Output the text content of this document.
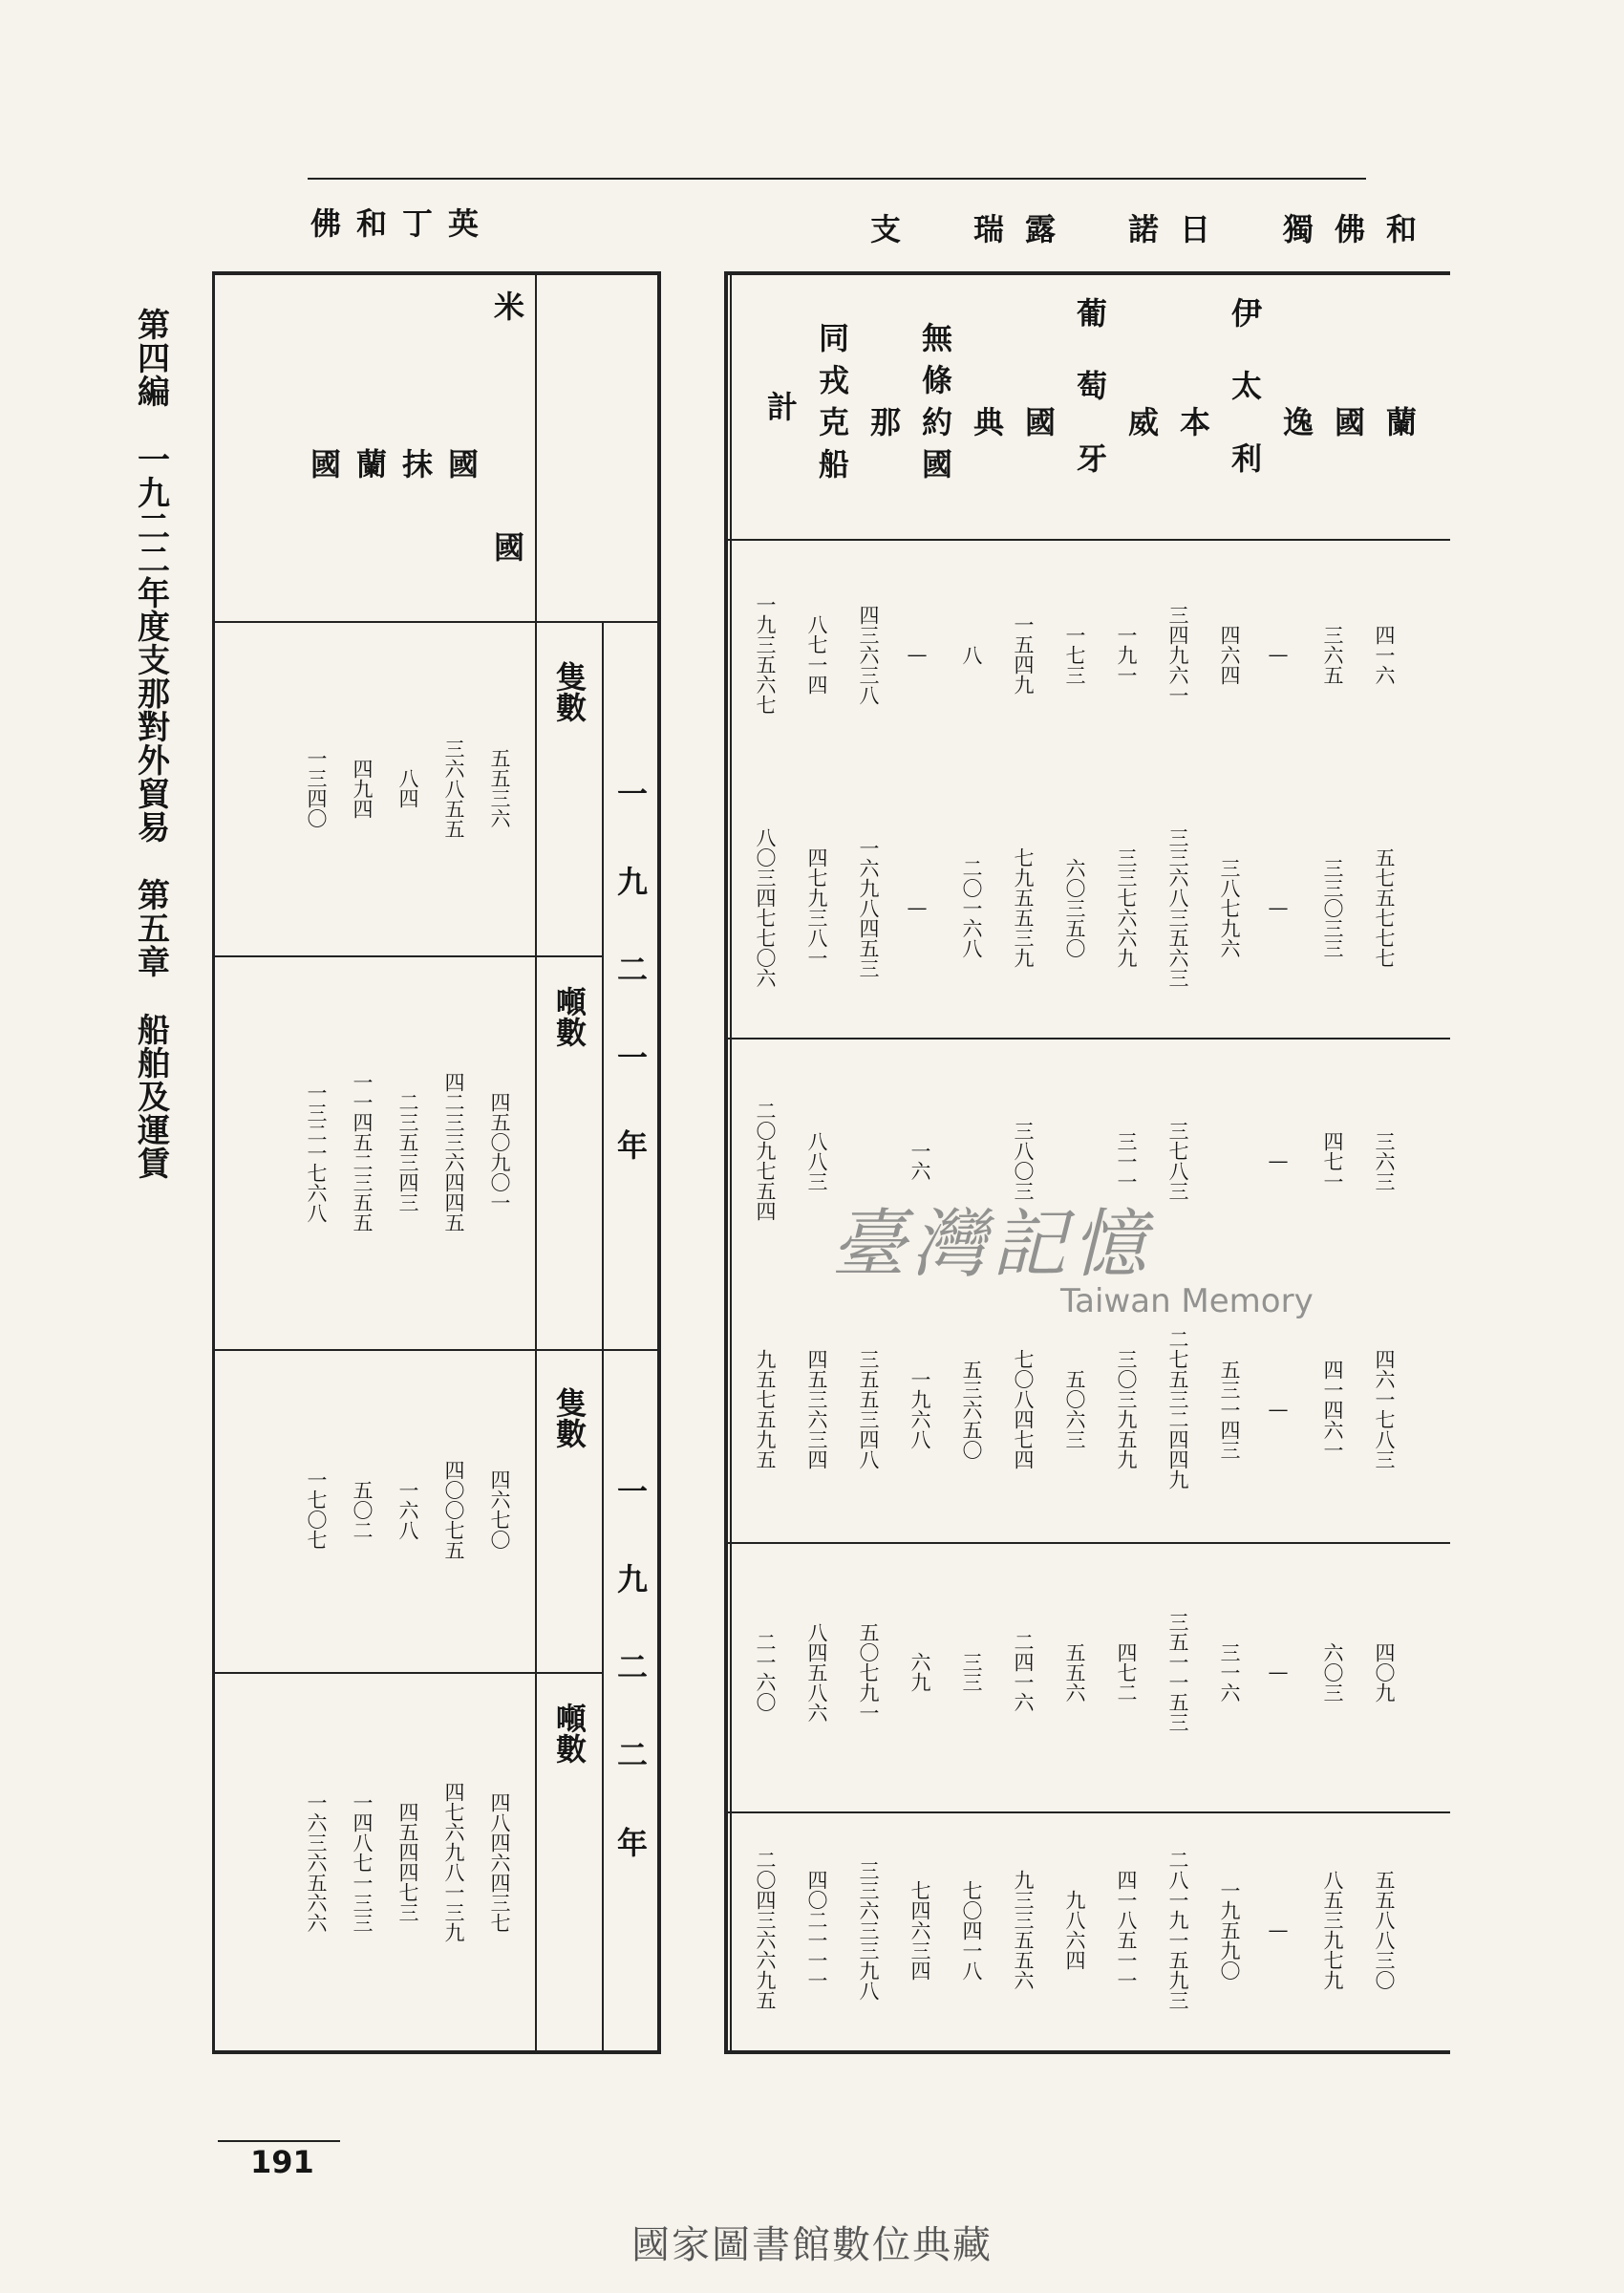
第四編一九二二年度支那對外貿易第五章船舶及運賃
隻數
噸數
隻數
噸數
一九二一年
一九二二年
米國
英國
丁抹
和蘭
佛國
五五三六
四五〇九〇一
四六七〇
四八四六四三七
三六八五五
四二三三六四四五
四〇〇七五
四七六九八一三九
八四
二三五三四三
一六八
四五四四七三
四九四
一一四五二三五五
五〇二
一四八七一三三
一三四〇
一三二一七六八
一七〇七
一六三六五六六
和蘭
四一六
五七五七七七
三六三
四六一七八三
四〇九
五五八八三〇
佛國
三六五
三三〇三三
四七一
四一四六一
六〇三
八五三九七九
獨逸
—
—
—
—
—
—
伊太利
四六四
三八七九六
五三一四三
三一六
一九五九〇
日本
三四九六一
三三六八三五六三
三七八三
二七五三二四四九
三五一一五三
二八一九一五九三
諾威
一九一
三三七六六九
三一一
三〇三九五九
四七二
四一八五一一
葡萄牙
一七三
六〇三五〇
五〇六三
五五六
九八六四
露國
一五四九
七九五五三九
三八〇三
七〇八四七四
二四一六
九三三五五六
瑞典
八
二〇一六八
五三六五〇
三三
七〇四一八
無條約國
—
—
一六
一九六八
六九
七四六三四
支那
四三六三八
一六九八四五三
三五五三四八
五〇七九一
三三六三三九八
同戎克船
八七一四
四七九三八一
八八三
四五三六三四
八四五八六
四〇二一一一
計
一九三五六七
八〇三四七七〇六
二〇九七五四
九五七五九五
二一六〇
二〇四三六六九五
191
臺灣記憶
Taiwan Memory
國家圖書館數位典藏
